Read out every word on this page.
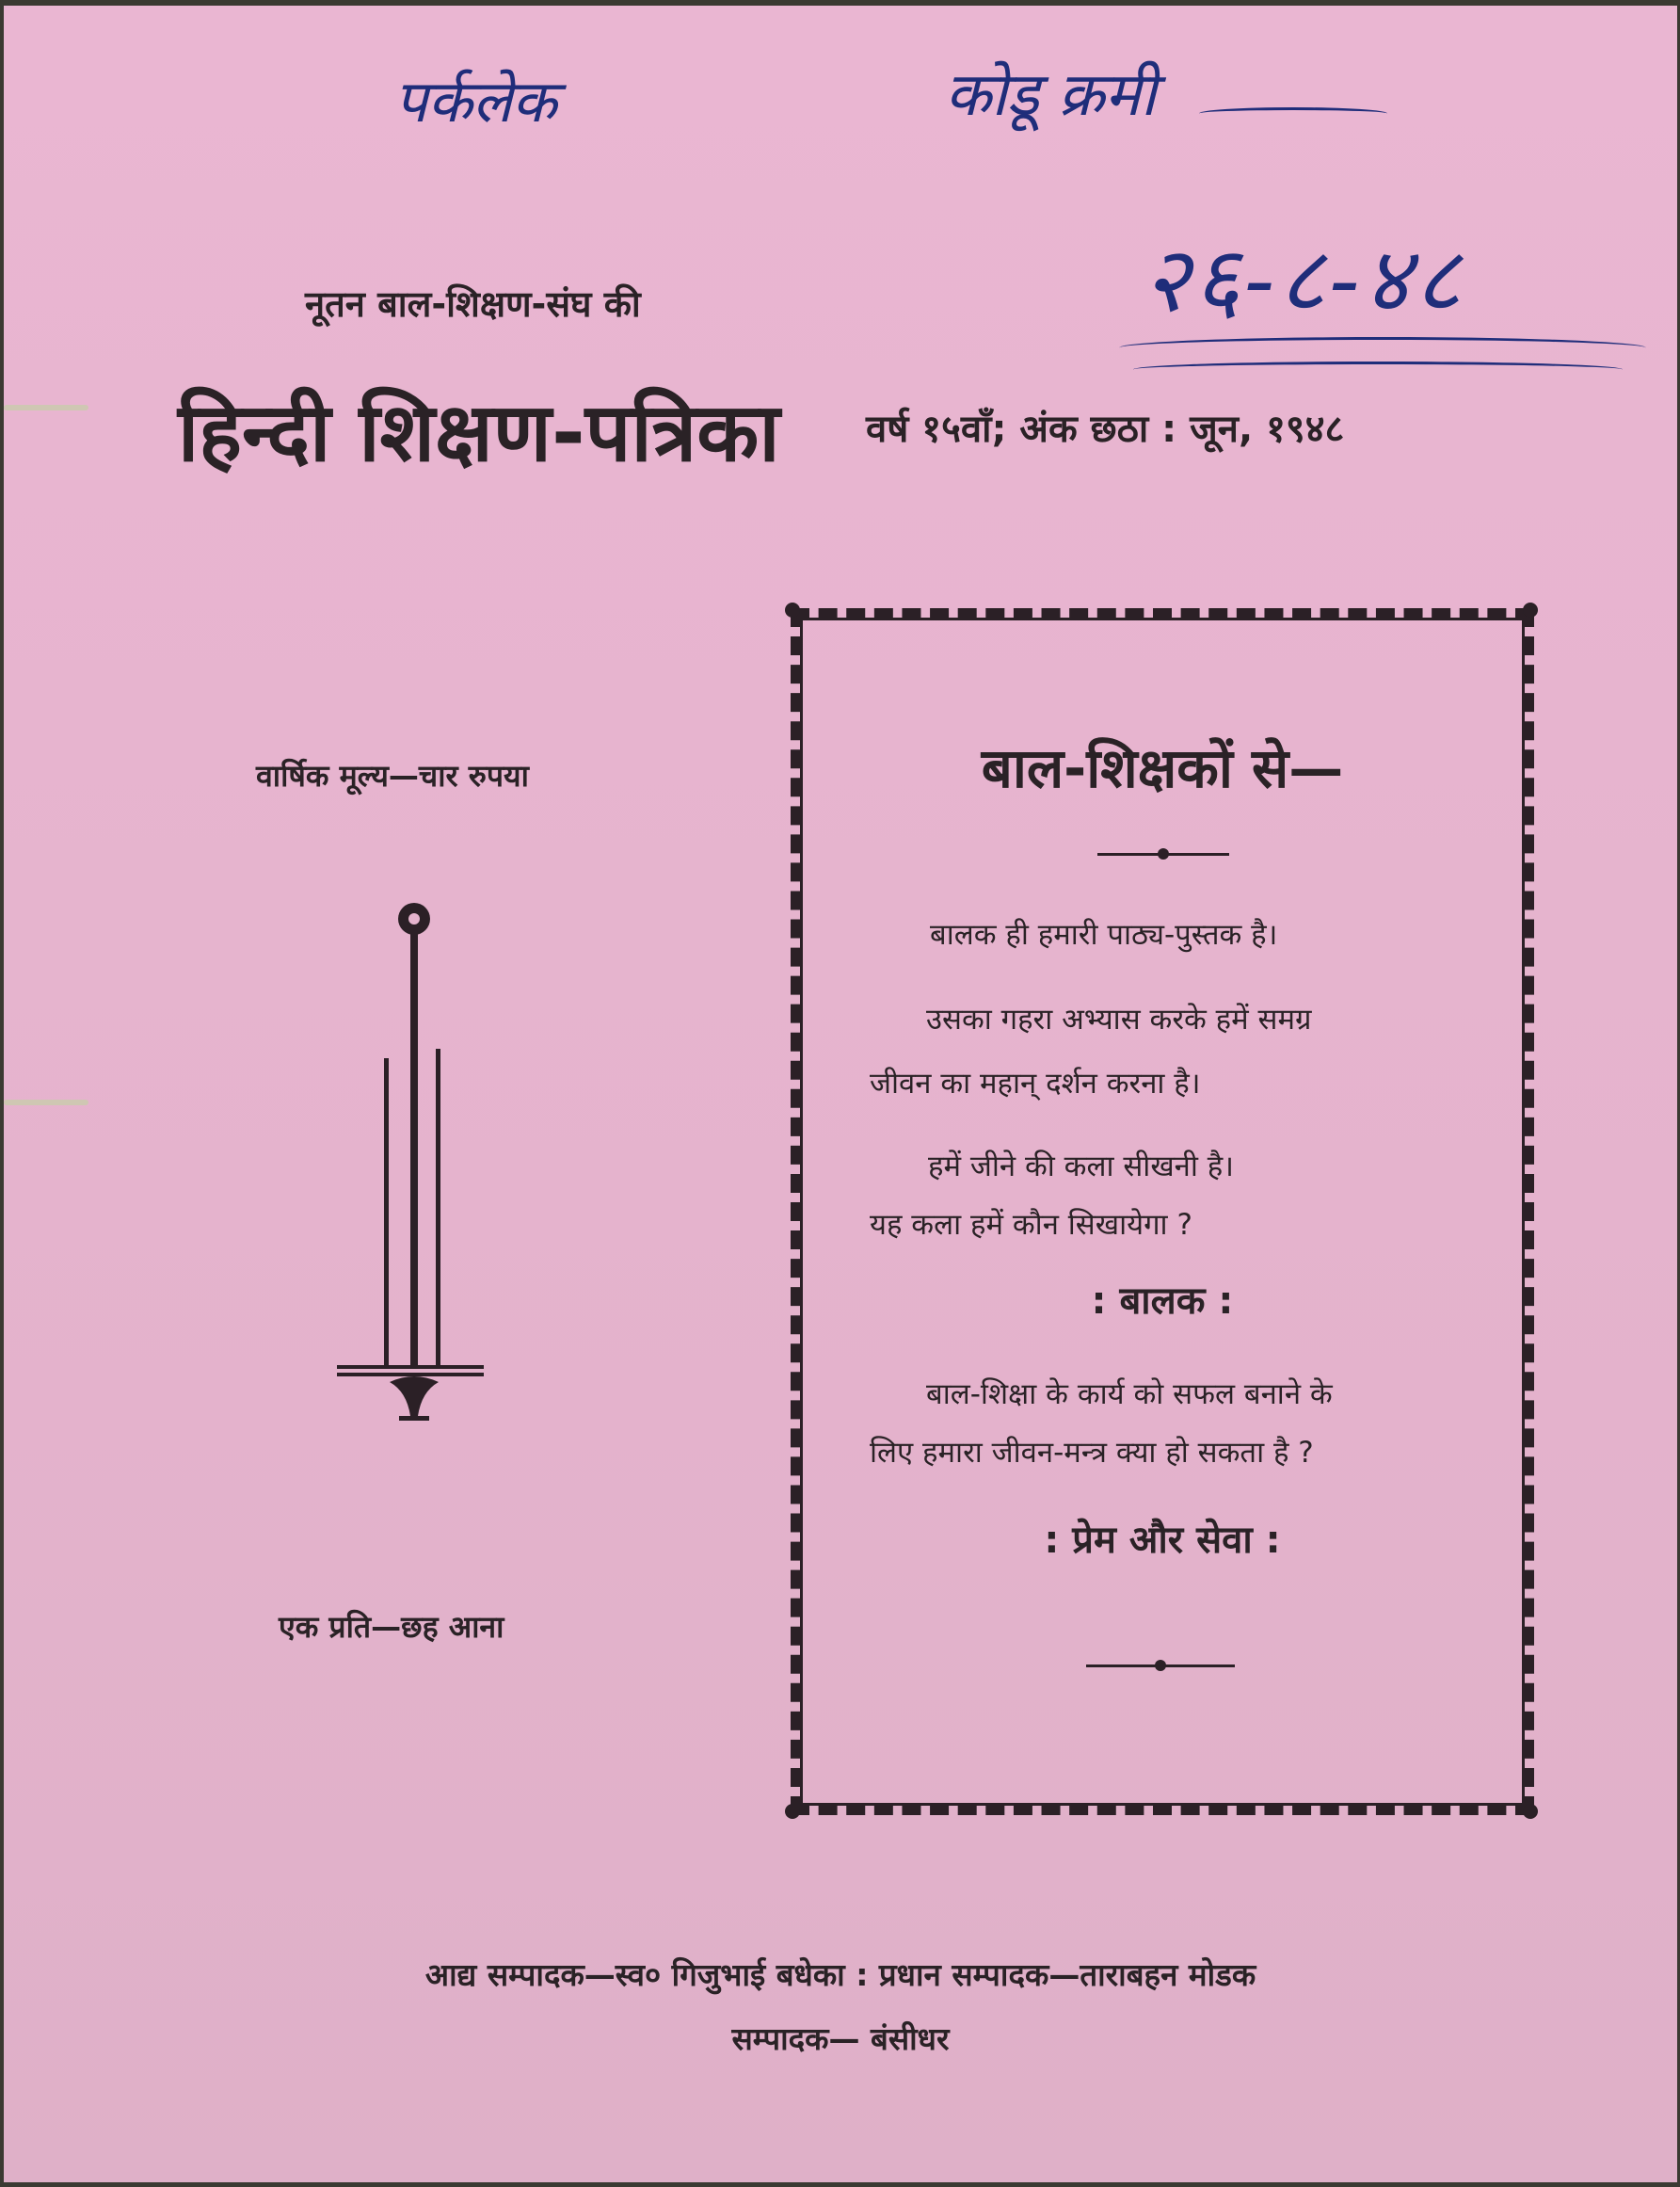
पर्कलेक	कोडू क्रमी
२६-८-४८
नूतन बाल-शिक्षण-संघ की
हिन्दी शिक्षण-पत्रिका वर्ष १५वाँ; अंक छठा : जून, १९४८
वार्षिक मूल्य—चार रुपया
एक प्रति—छह आना
बाल-शिक्षकों से—
बालक ही हमारी पाठ्य-पुस्तक है।
उसका गहरा अभ्यास करके हमें समग्र
जीवन का महान् दर्शन करना है।
हमें जीने की कला सीखनी है।
यह कला हमें कौन सिखायेगा ?
: बालक :
बाल-शिक्षा के कार्य को सफल बनाने के
लिए हमारा जीवन-मन्त्र क्या हो सकता है ?
: प्रेम और सेवा :
आद्य सम्पादक—स्व० गिजुभाई बधेका : प्रधान सम्पादक—ताराबहन मोडक
सम्पादक— बंसीधर
